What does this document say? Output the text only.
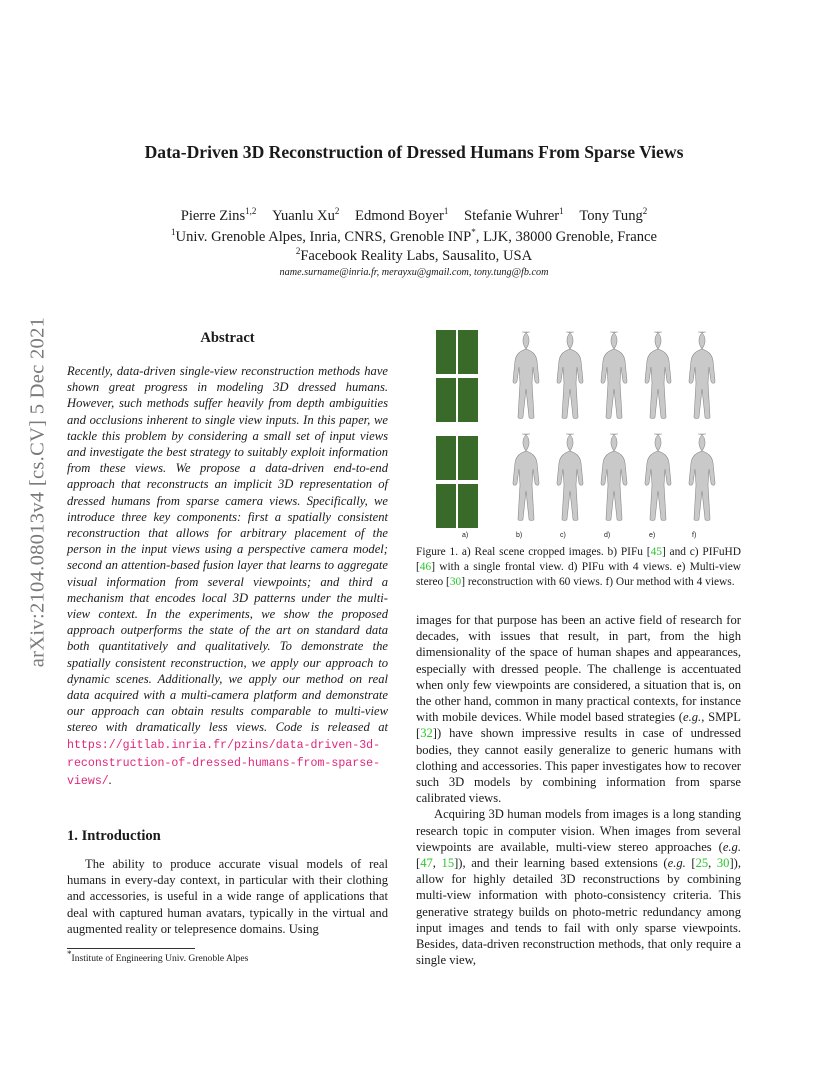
arXiv:2104.08013v4 [cs.CV] 5 Dec 2021
Data-Driven 3D Reconstruction of Dressed Humans From Sparse Views
Pierre Zins$^{1,2}$ Yuanlu Xu$^2$ Edmond Boyer$^1$ Stefanie Wuhrer$^1$ Tony Tung$^2$
$^1$Univ. Grenoble Alpes, Inria, CNRS, Grenoble INP*, LJK, 38000 Grenoble, France
$^2$Facebook Reality Labs, Sausalito, USA
name.surname@inria.fr, merayxu@gmail.com, tony.tung@fb.com
Abstract
Recently, data-driven single-view reconstruction methods have shown great progress in modeling 3D dressed humans. However, such methods suffer heavily from depth ambiguities and occlusions inherent to single view inputs. In this paper, we tackle this problem by considering a small set of input views and investigate the best strategy to suitably exploit information from these views. We propose a data-driven end-to-end approach that reconstructs an implicit 3D representation of dressed humans from sparse camera views. Specifically, we introduce three key components: first a spatially consistent reconstruction that allows for arbitrary placement of the person in the input views using a perspective camera model; second an attention-based fusion layer that learns to aggregate visual information from several viewpoints; and third a mechanism that encodes local 3D patterns under the multi-view context. In the experiments, we show the proposed approach outperforms the state of the art on standard data both quantitatively and qualitatively. To demonstrate the spatially consistent reconstruction, we apply our approach to dynamic scenes. Additionally, we apply our method on real data acquired with a multi-camera platform and demonstrate our approach can obtain results comparable to multi-view stereo with dramatically less views. Code is released at https://gitlab.inria.fr/pzins/data-driven-3d-reconstruction-of-dressed-humans-from-sparse-views/.
1. Introduction
The ability to produce accurate visual models of real humans in every-day context, in particular with their clothing and accessories, is useful in a wide range of applications that deal with captured human avatars, typically in the virtual and augmented reality or telepresence domains. Using
*Institute of Engineering Univ. Grenoble Alpes
a)	b)	c)	d)	e)	f)
Figure 1. a) Real scene cropped images. b) PIFu [45] and c) PIFuHD [46] with a single frontal view. d) PIFu with 4 views. e) Multi-view stereo [30] reconstruction with 60 views. f) Our method with 4 views.

images for that purpose has been an active field of research for decades, with issues that result, in part, from the high dimensionality of the space of human shapes and appearances, especially with dressed people. The challenge is accentuated when only few viewpoints are considered, a situation that is, on the other hand, common in many practical contexts, for instance with mobile devices. While model based strategies (e.g., SMPL [32]) have shown impressive results in case of undressed bodies, they cannot easily generalize to generic humans with clothing and accessories. This paper investigates how to recover such 3D models by combining information from sparse calibrated views.

Acquiring 3D human models from images is a long standing research topic in computer vision. When images from several viewpoints are available, multi-view stereo approaches (e.g. [47, 15]), and their learning based extensions (e.g. [25, 30]), allow for highly detailed 3D reconstructions by combining multi-view information with photo-consistency criteria. This generative strategy builds on photo-metric redundancy among input images and tends to fail with only sparse viewpoints. Besides, data-driven reconstruction methods, that only require a single view,
